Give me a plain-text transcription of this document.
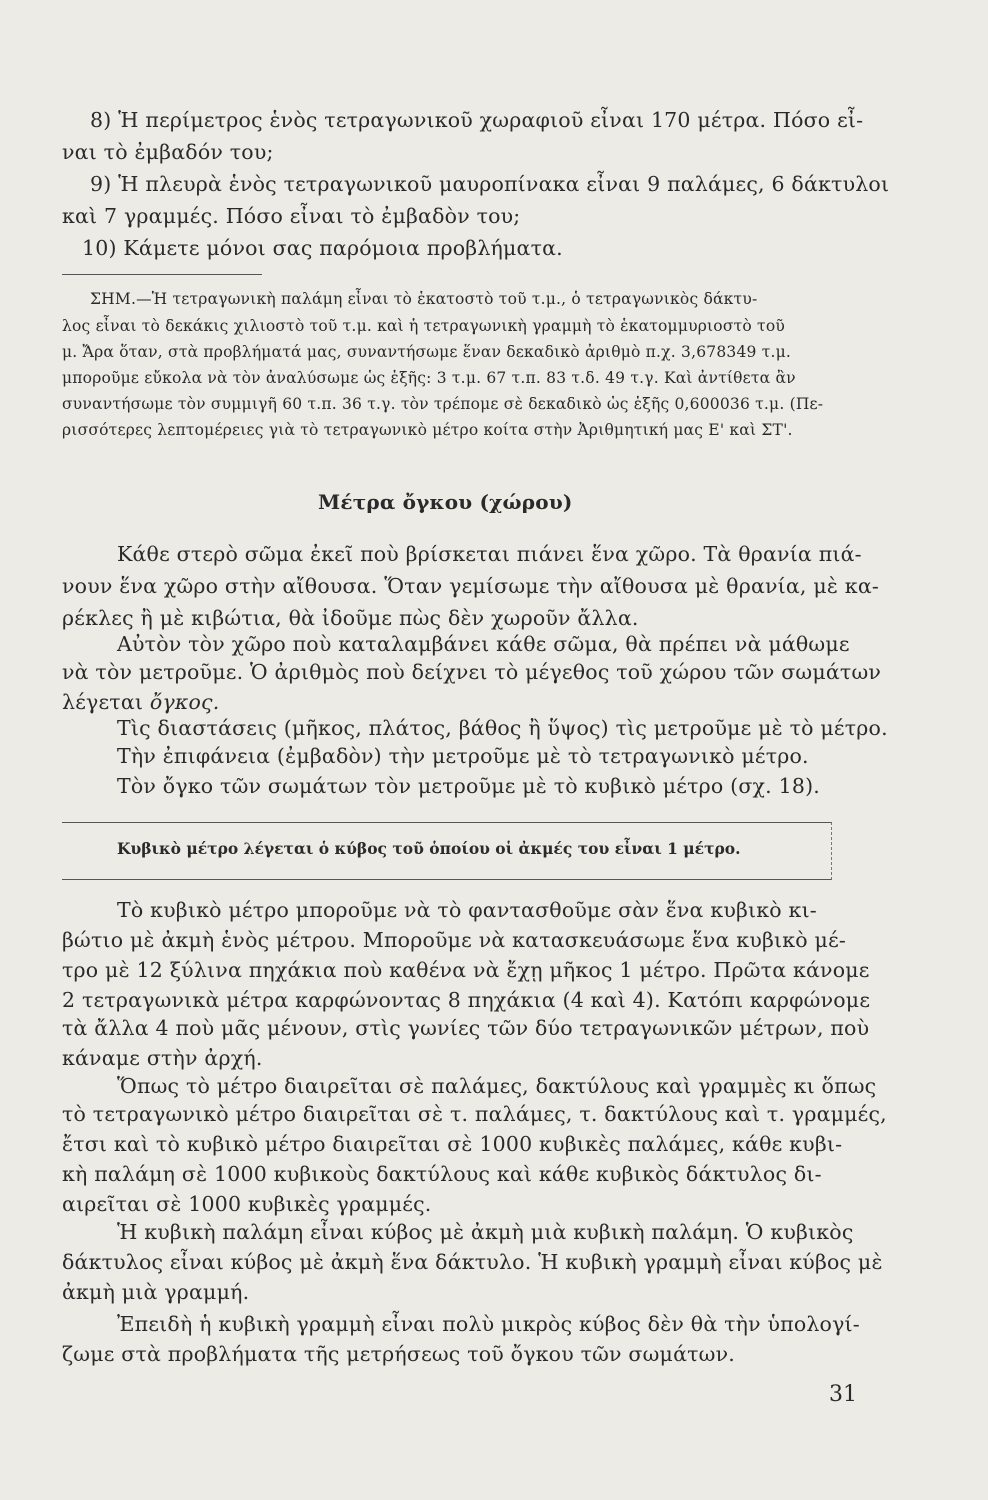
8) Ἡ περίμετρος ἑνὸς τετραγωνικοῦ χωραφιοῦ εἶναι 170 μέτρα. Πόσο εἶ-
ναι τὸ ἐμβαδόν του;
9) Ἡ πλευρὰ ἑνὸς τετραγωνικοῦ μαυροπίνακα εἶναι 9 παλάμες, 6 δάκτυλοι
καὶ 7 γραμμές. Πόσο εἶναι τὸ ἐμβαδὸν του;
10) Κάμετε μόνοι σας παρόμοια προβλήματα.
ΣΗΜ.—Ἡ τετραγωνικὴ παλάμη εἶναι τὸ ἑκατοστὸ τοῦ τ.μ., ὁ τετραγωνικὸς δάκτυ-
λος εἶναι τὸ δεκάκις χιλιοστὸ τοῦ τ.μ. καὶ ἡ τετραγωνικὴ γραμμὴ τὸ ἑκατομμυριοστὸ τοῦ
μ. Ἄρα ὅταν, στὰ προβλήματά μας, συναντήσωμε ἕναν δεκαδικὸ ἀριθμὸ π.χ. 3,678349 τ.μ.
μποροῦμε εὔκολα νὰ τὸν ἀναλύσωμε ὡς ἑξῆς: 3 τ.μ. 67 τ.π. 83 τ.δ. 49 τ.γ. Καὶ ἀντίθετα ἂν
συναντήσωμε τὸν συμμιγῆ 60 τ.π. 36 τ.γ. τὸν τρέπομε σὲ δεκαδικὸ ὡς ἑξῆς 0,600036 τ.μ. (Πε-
ρισσότερες λεπτομέρειες γιὰ τὸ τετραγωνικὸ μέτρο κοίτα στὴν Ἀριθμητική μας Ε' καὶ ΣΤ'.
Μέτρα ὄγκου (χώρου)
Κάθε στερὸ σῶμα ἐκεῖ ποὺ βρίσκεται πιάνει ἕνα χῶρο. Τὰ θρανία πιά-
νουν ἕνα χῶρο στὴν αἴθουσα. Ὅταν γεμίσωμε τὴν αἴθουσα μὲ θρανία, μὲ κα-
ρέκλες ἢ μὲ κιβώτια, θὰ ἰδοῦμε πὼς δὲν χωροῦν ἄλλα.
Αὐτὸν τὸν χῶρο ποὺ καταλαμβάνει κάθε σῶμα, θὰ πρέπει νὰ μάθωμε
νὰ τὸν μετροῦμε. Ὁ ἀριθμὸς ποὺ δείχνει τὸ μέγεθος τοῦ χώρου τῶν σωμάτων
λέγεται ὄγκος.
Τὶς διαστάσεις (μῆκος, πλάτος, βάθος ἢ ὕψος) τὶς μετροῦμε μὲ τὸ μέτρο.
Τὴν ἐπιφάνεια (ἐμβαδὸν) τὴν μετροῦμε μὲ τὸ τετραγωνικὸ μέτρο.
Τὸν ὄγκο τῶν σωμάτων τὸν μετροῦμε μὲ τὸ κυβικὸ μέτρο (σχ. 18).
Κυβικὸ μέτρο λέγεται ὁ κύβος τοῦ ὁποίου οἱ ἀκμές του εἶναι 1 μέτρο.
Τὸ κυβικὸ μέτρο μποροῦμε νὰ τὸ φαντασθοῦμε σὰν ἕνα κυβικὸ κι-
βώτιο μὲ ἀκμὴ ἑνὸς μέτρου. Μποροῦμε νὰ κατασκευάσωμε ἕνα κυβικὸ μέ-
τρο μὲ 12 ξύλινα πηχάκια ποὺ καθένα νὰ ἔχῃ μῆκος 1 μέτρο. Πρῶτα κάνομε
2 τετραγωνικὰ μέτρα καρφώνοντας 8 πηχάκια (4 καὶ 4). Κατόπι καρφώνομε
τὰ ἄλλα 4 ποὺ μᾶς μένουν, στὶς γωνίες τῶν δύο τετραγωνικῶν μέτρων, ποὺ
κάναμε στὴν ἀρχή.
Ὅπως τὸ μέτρο διαιρεῖται σὲ παλάμες, δακτύλους καὶ γραμμὲς κι ὅπως
τὸ τετραγωνικὸ μέτρο διαιρεῖται σὲ τ. παλάμες, τ. δακτύλους καὶ τ. γραμμές,
ἔτσι καὶ τὸ κυβικὸ μέτρο διαιρεῖται σὲ 1000 κυβικὲς παλάμες, κάθε κυβι-
κὴ παλάμη σὲ 1000 κυβικοὺς δακτύλους καὶ κάθε κυβικὸς δάκτυλος δι-
αιρεῖται σὲ 1000 κυβικὲς γραμμές.
Ἡ κυβικὴ παλάμη εἶναι κύβος μὲ ἀκμὴ μιὰ κυβικὴ παλάμη. Ὁ κυβικὸς
δάκτυλος εἶναι κύβος μὲ ἀκμὴ ἕνα δάκτυλο. Ἡ κυβικὴ γραμμὴ εἶναι κύβος μὲ
ἀκμὴ μιὰ γραμμή.
Ἐπειδὴ ἡ κυβικὴ γραμμὴ εἶναι πολὺ μικρὸς κύβος δὲν θὰ τὴν ὑπολογί-
ζωμε στὰ προβλήματα τῆς μετρήσεως τοῦ ὄγκου τῶν σωμάτων.
31
